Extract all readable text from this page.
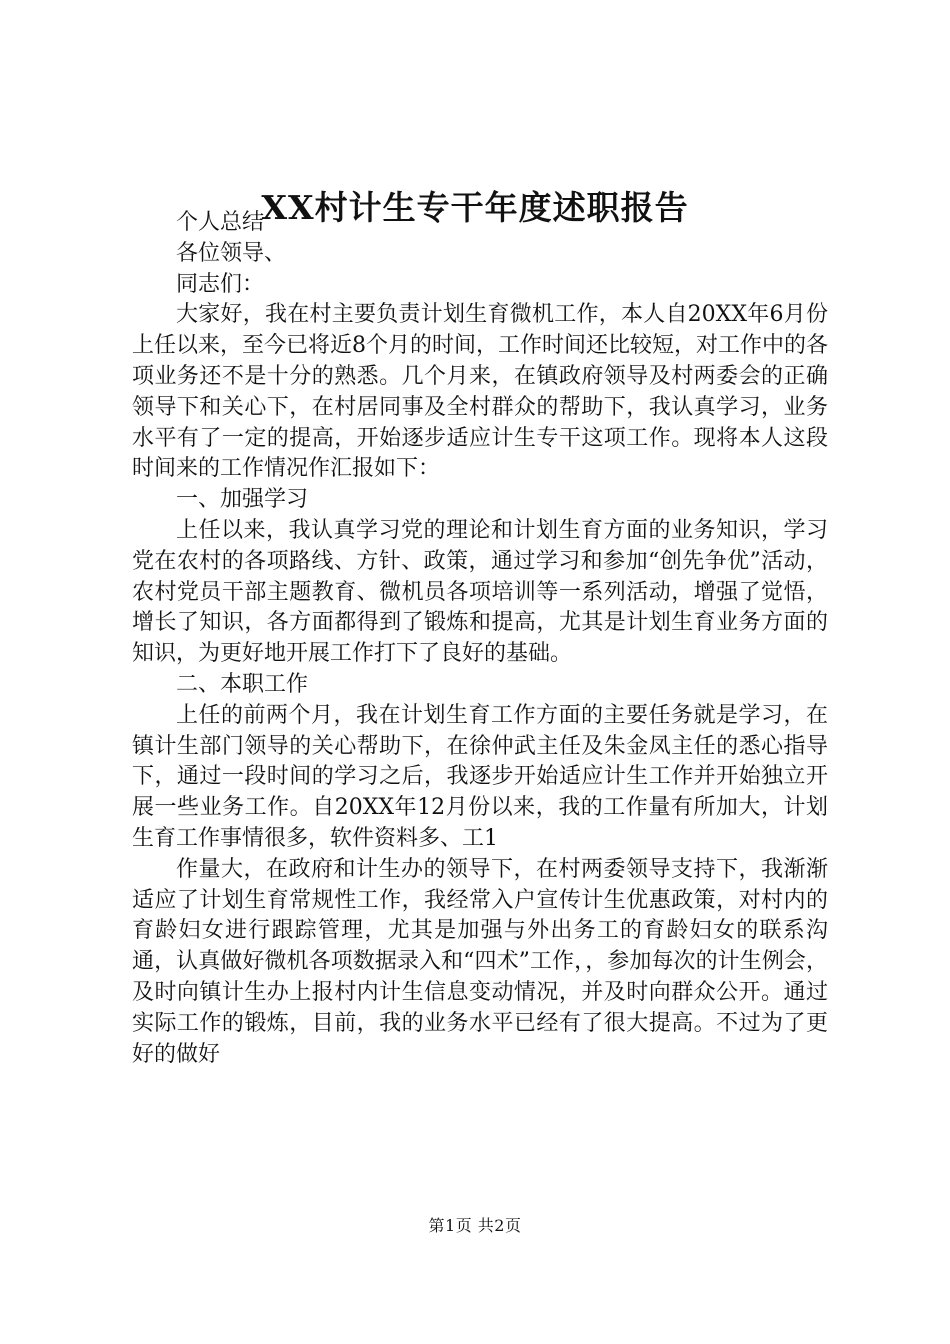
XX村计生专干年度述职报告

个人总结

各位领导、

同志们：

大家好，我在村主要负责计划生育微机工作，本人自20XX年6月份上任以来，至今已将近8个月的时间，工作时间还比较短，对工作中的各项业务还不是十分的熟悉。几个月来，在镇政府领导及村两委会的正确领导下和关心下，在村居同事及全村群众的帮助下，我认真学习，业务水平有了一定的提高，开始逐步适应计生专干这项工作。现将本人这段时间来的工作情况作汇报如下：

一、加强学习

上任以来，我认真学习党的理论和计划生育方面的业务知识，学习党在农村的各项路线、方针、政策，通过学习和参加“创先争优”活动，农村党员干部主题教育、微机员各项培训等一系列活动，增强了觉悟，增长了知识，各方面都得到了锻炼和提高，尤其是计划生育业务方面的知识，为更好地开展工作打下了良好的基础。

二、本职工作

上任的前两个月，我在计划生育工作方面的主要任务就是学习，在镇计生部门领导的关心帮助下，在徐仲武主任及朱金凤主任的悉心指导下，通过一段时间的学习之后，我逐步开始适应计生工作并开始独立开展一些业务工作。自20XX年12月份以来，我的工作量有所加大，计划生育工作事情很多，软件资料多、工1

作量大，在政府和计生办的领导下，在村两委领导支持下，我渐渐适应了计划生育常规性工作，我经常入户宣传计生优惠政策，对村内的育龄妇女进行跟踪管理，尤其是加强与外出务工的育龄妇女的联系沟通，认真做好微机各项数据录入和“四术”工作，，参加每次的计生例会，及时向镇计生办上报村内计生信息变动情况，并及时向群众公开。通过实际工作的锻炼，目前，我的业务水平已经有了很大提高。不过为了更好的做好

第1页 共2页
